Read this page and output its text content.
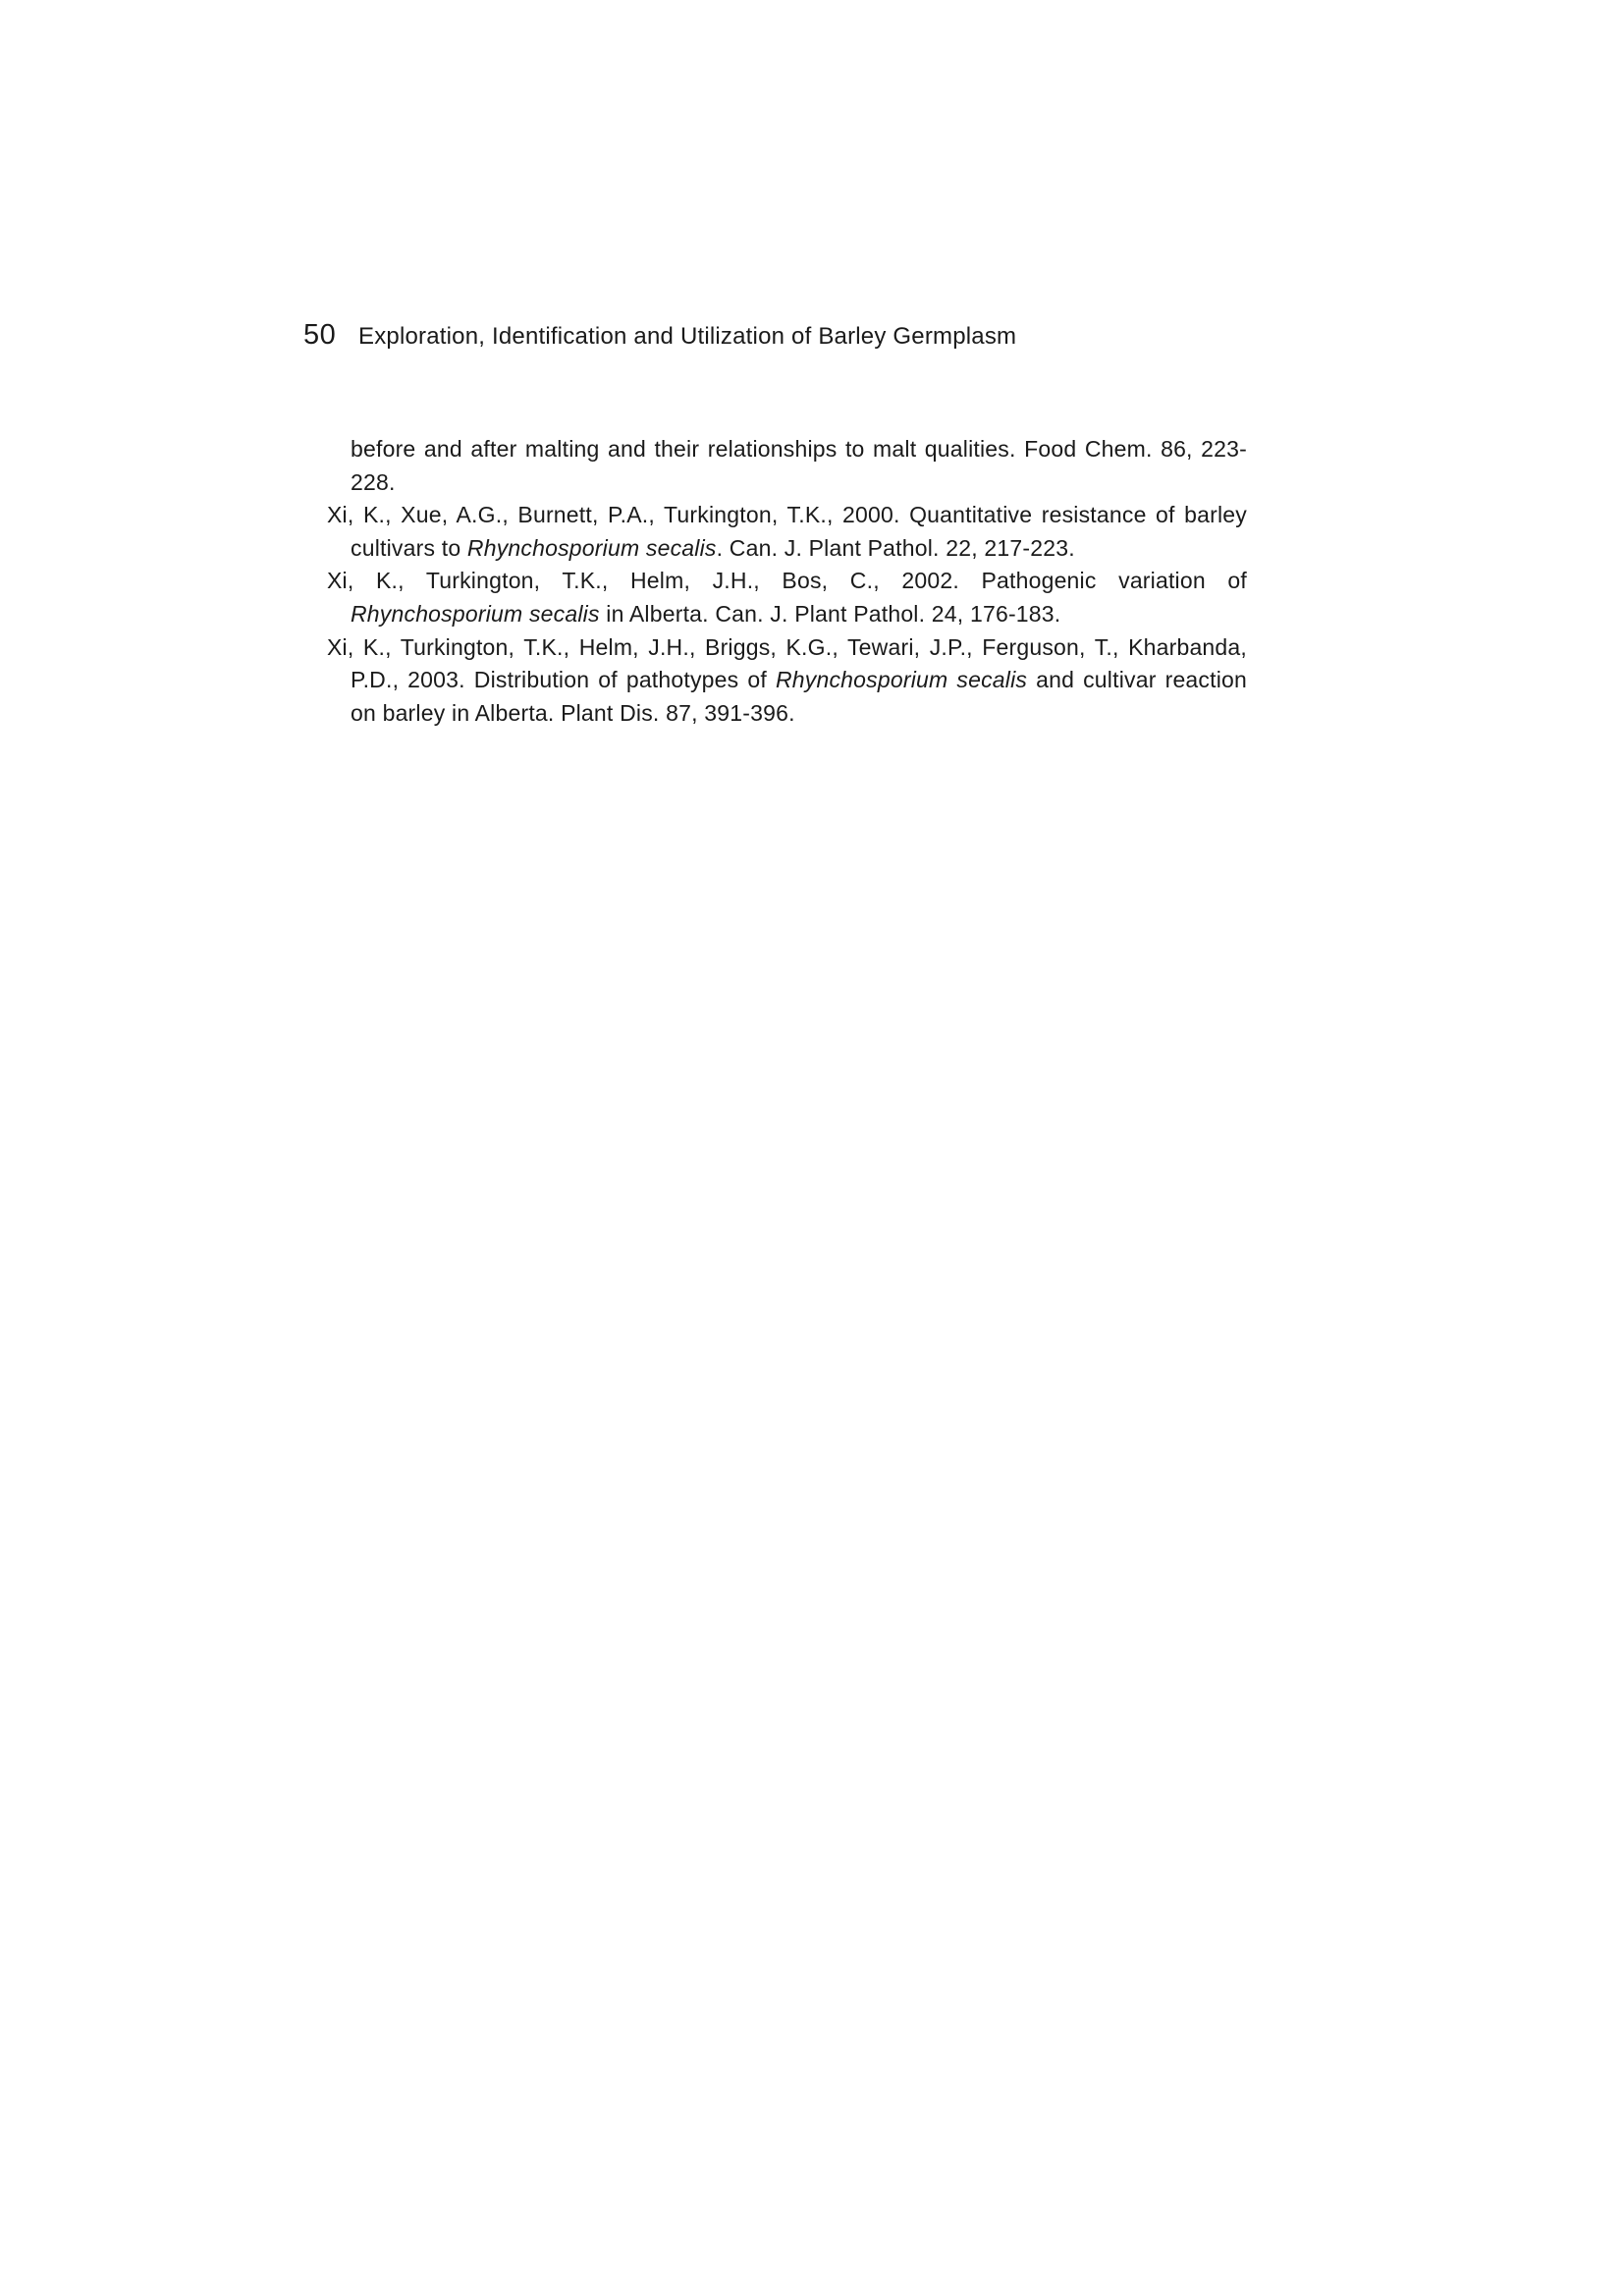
50 Exploration, Identification and Utilization of Barley Germplasm

before and after malting and their relationships to malt qualities. Food Chem. 86, 223-228.

Xi, K., Xue, A.G., Burnett, P.A., Turkington, T.K., 2000. Quantitative resistance of barley cultivars to Rhynchosporium secalis. Can. J. Plant Pathol. 22, 217-223.

Xi, K., Turkington, T.K., Helm, J.H., Bos, C., 2002. Pathogenic variation of Rhynchosporium secalis in Alberta. Can. J. Plant Pathol. 24, 176-183.

Xi, K., Turkington, T.K., Helm, J.H., Briggs, K.G., Tewari, J.P., Ferguson, T., Kharbanda, P.D., 2003. Distribution of pathotypes of Rhynchosporium secalis and cultivar reaction on barley in Alberta. Plant Dis. 87, 391-396.
